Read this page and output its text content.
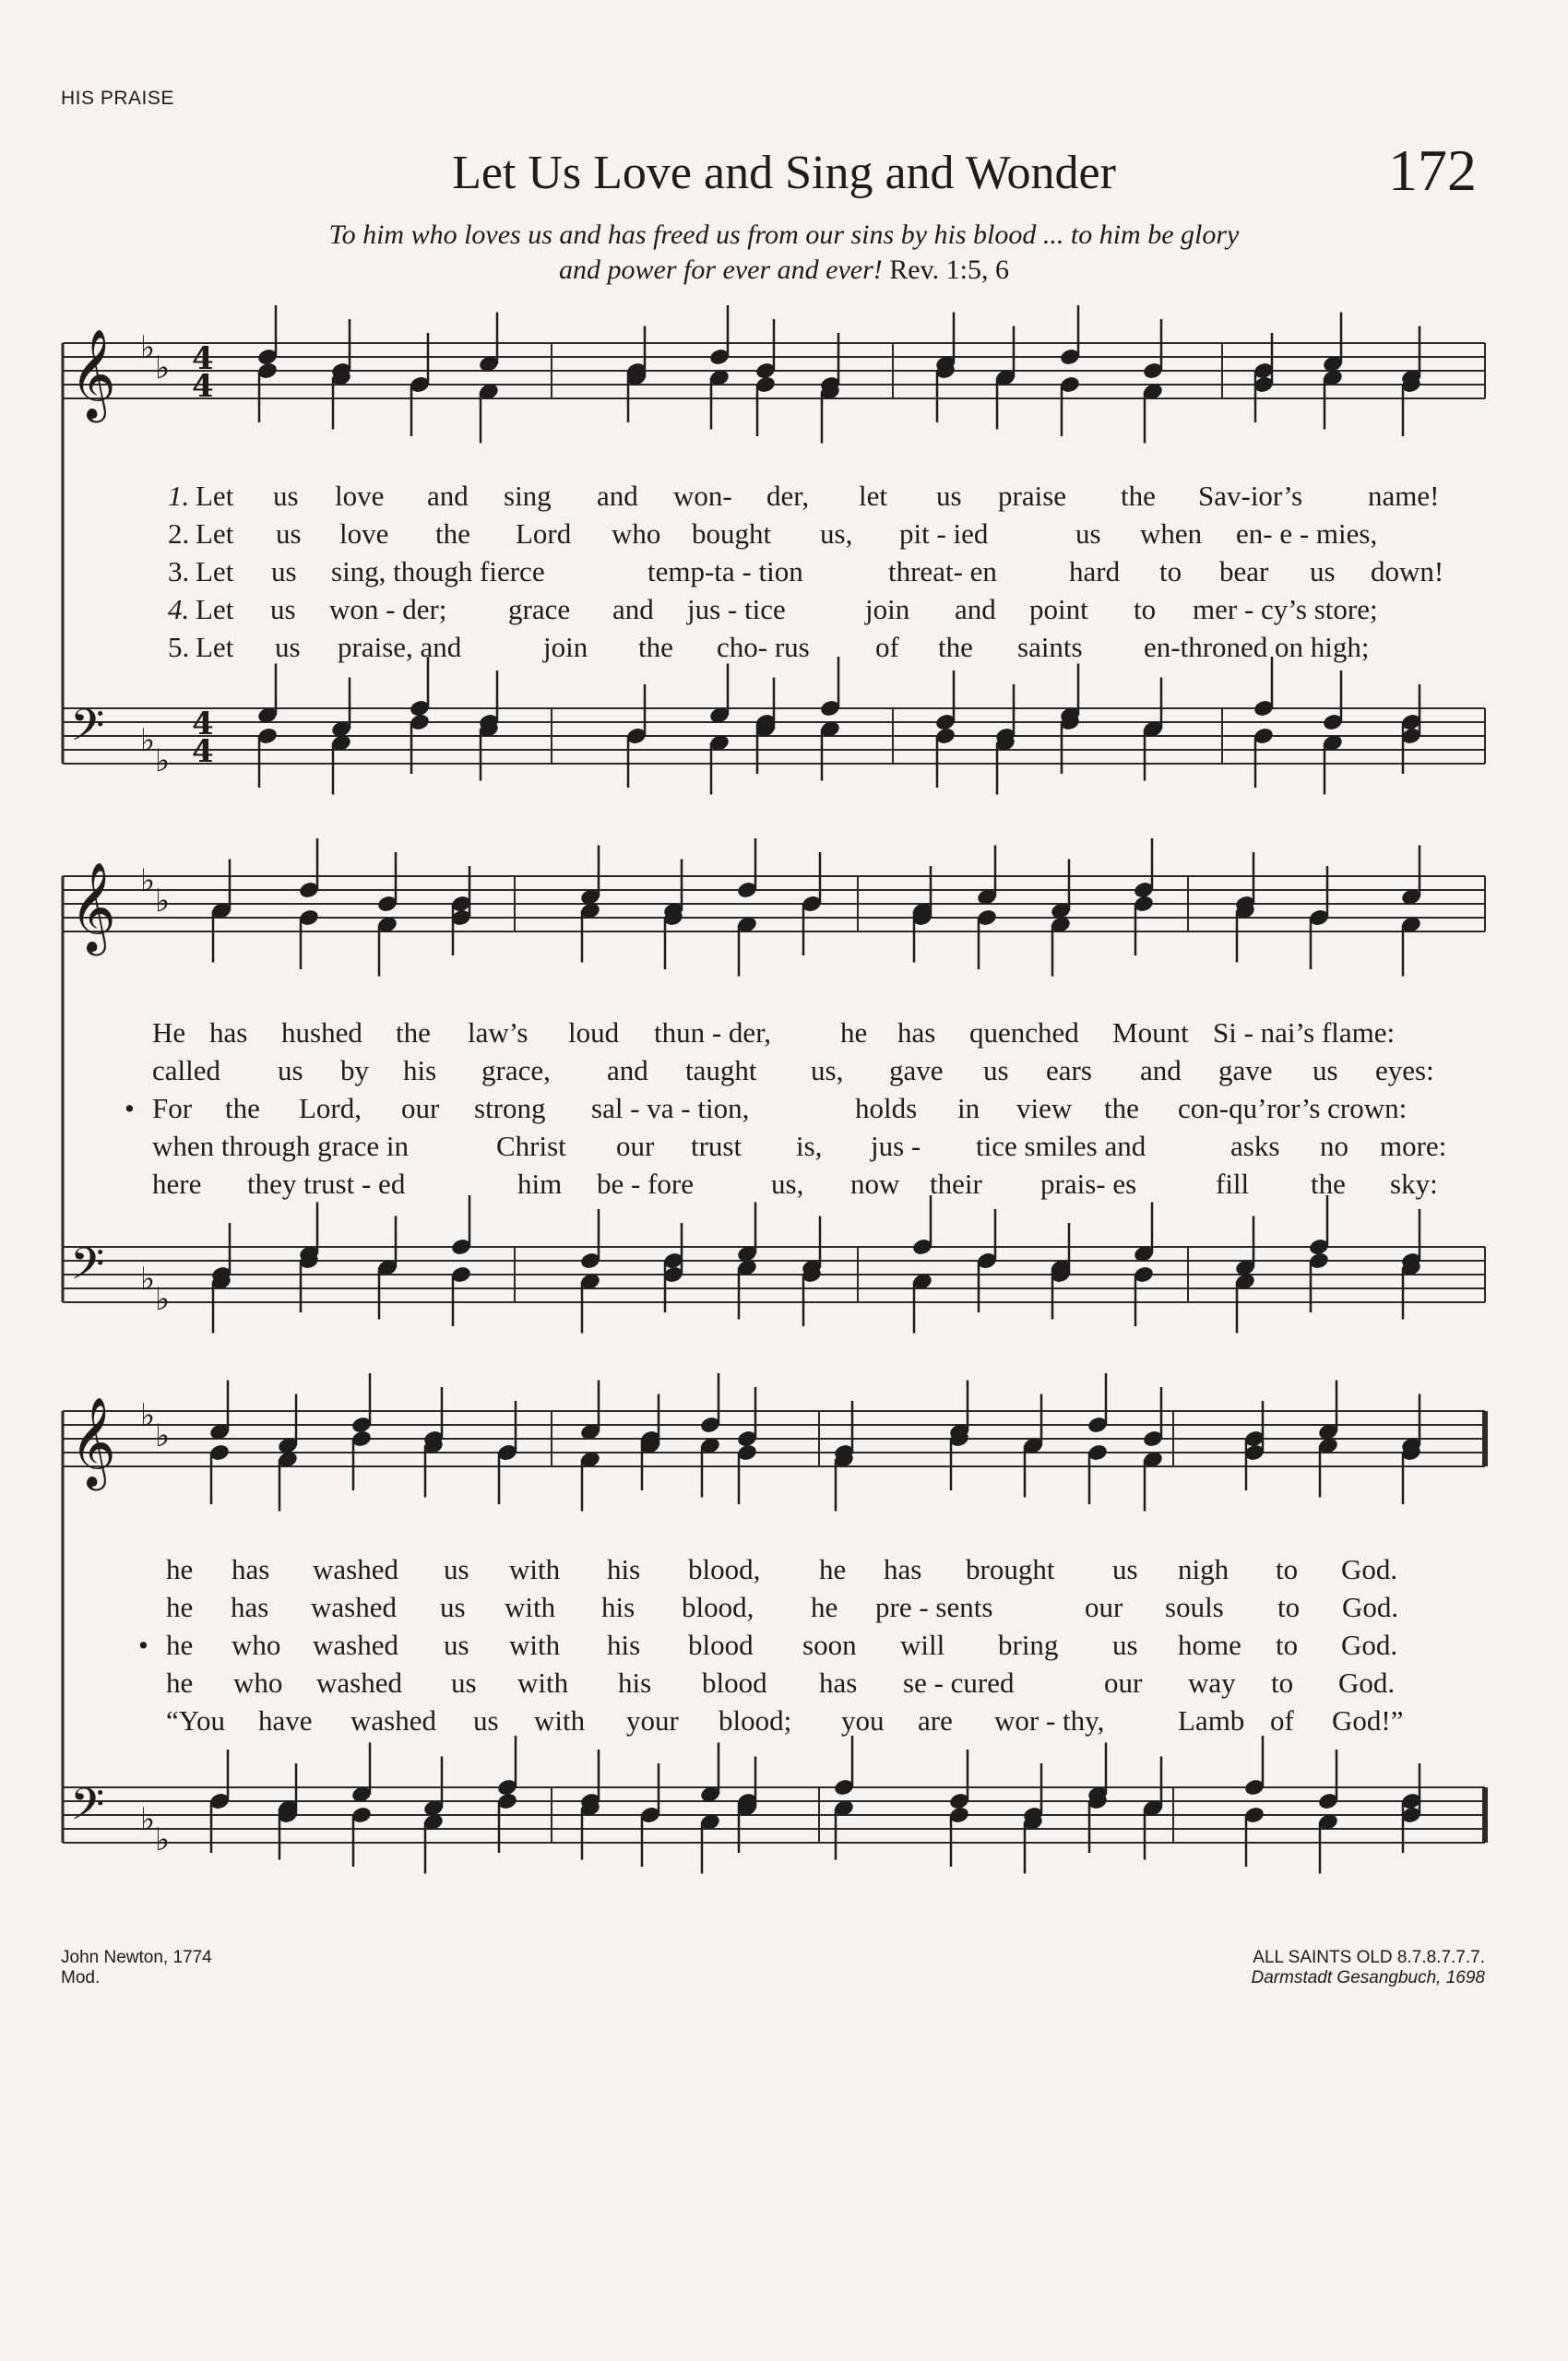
HIS PRAISE
Let Us Love and Sing and Wonder	172
To him who loves us and has freed us from our sins by his blood ... to him be glory
and power for ever and ever! Rev. 1:5, 6
𝄞 ♭
♭ 4
4
𝄢 ♭
♭
4
4
𝄞 ♭
♭
𝄢 ♭
♭
𝄞 ♭
♭
𝄢 ♭
♭
1. Let us love and sing and won- der, let us praise the Sav-ior’s name!
2. Let us love the Lord who bought us, pit - ied	us when en- e - mies,
3. Let us sing, though fierce	temp-ta - tion	threat- en	hard to bear us down!
4. Let us won - der; grace and jus - tice	join and point to mer - cy’s store;
5. Let us praise, and	join the cho- rus of the saints en-throned on high;
He has hushed the law’s loud thun - der, he has quenched Mount Si - nai’s flame:
called us by his grace, and taught us, gave us ears and gave us eyes:
• For the Lord, our strong sal - va - tion,	holds in view the con-qu’ror’s crown:
when through grace in	Christ our trust is, jus - tice smiles and	asks no more:
here they trust - ed	him be - fore	us, now their prais- es	fill the sky:
he has washed us with his blood, he has brought us nigh to God.
he has washed us with his blood, he pre - sents	our souls to God.
• he who washed us with his blood soon will bring us home to God.
he who washed us with his blood has se - cured	our way to God.
“You have washed us with your blood; you are wor - thy,	Lamb of God!”
John Newton, 1774
Mod.
ALL SAINTS OLD 8.7.8.7.7.7.
Darmstadt Gesangbuch, 1698
